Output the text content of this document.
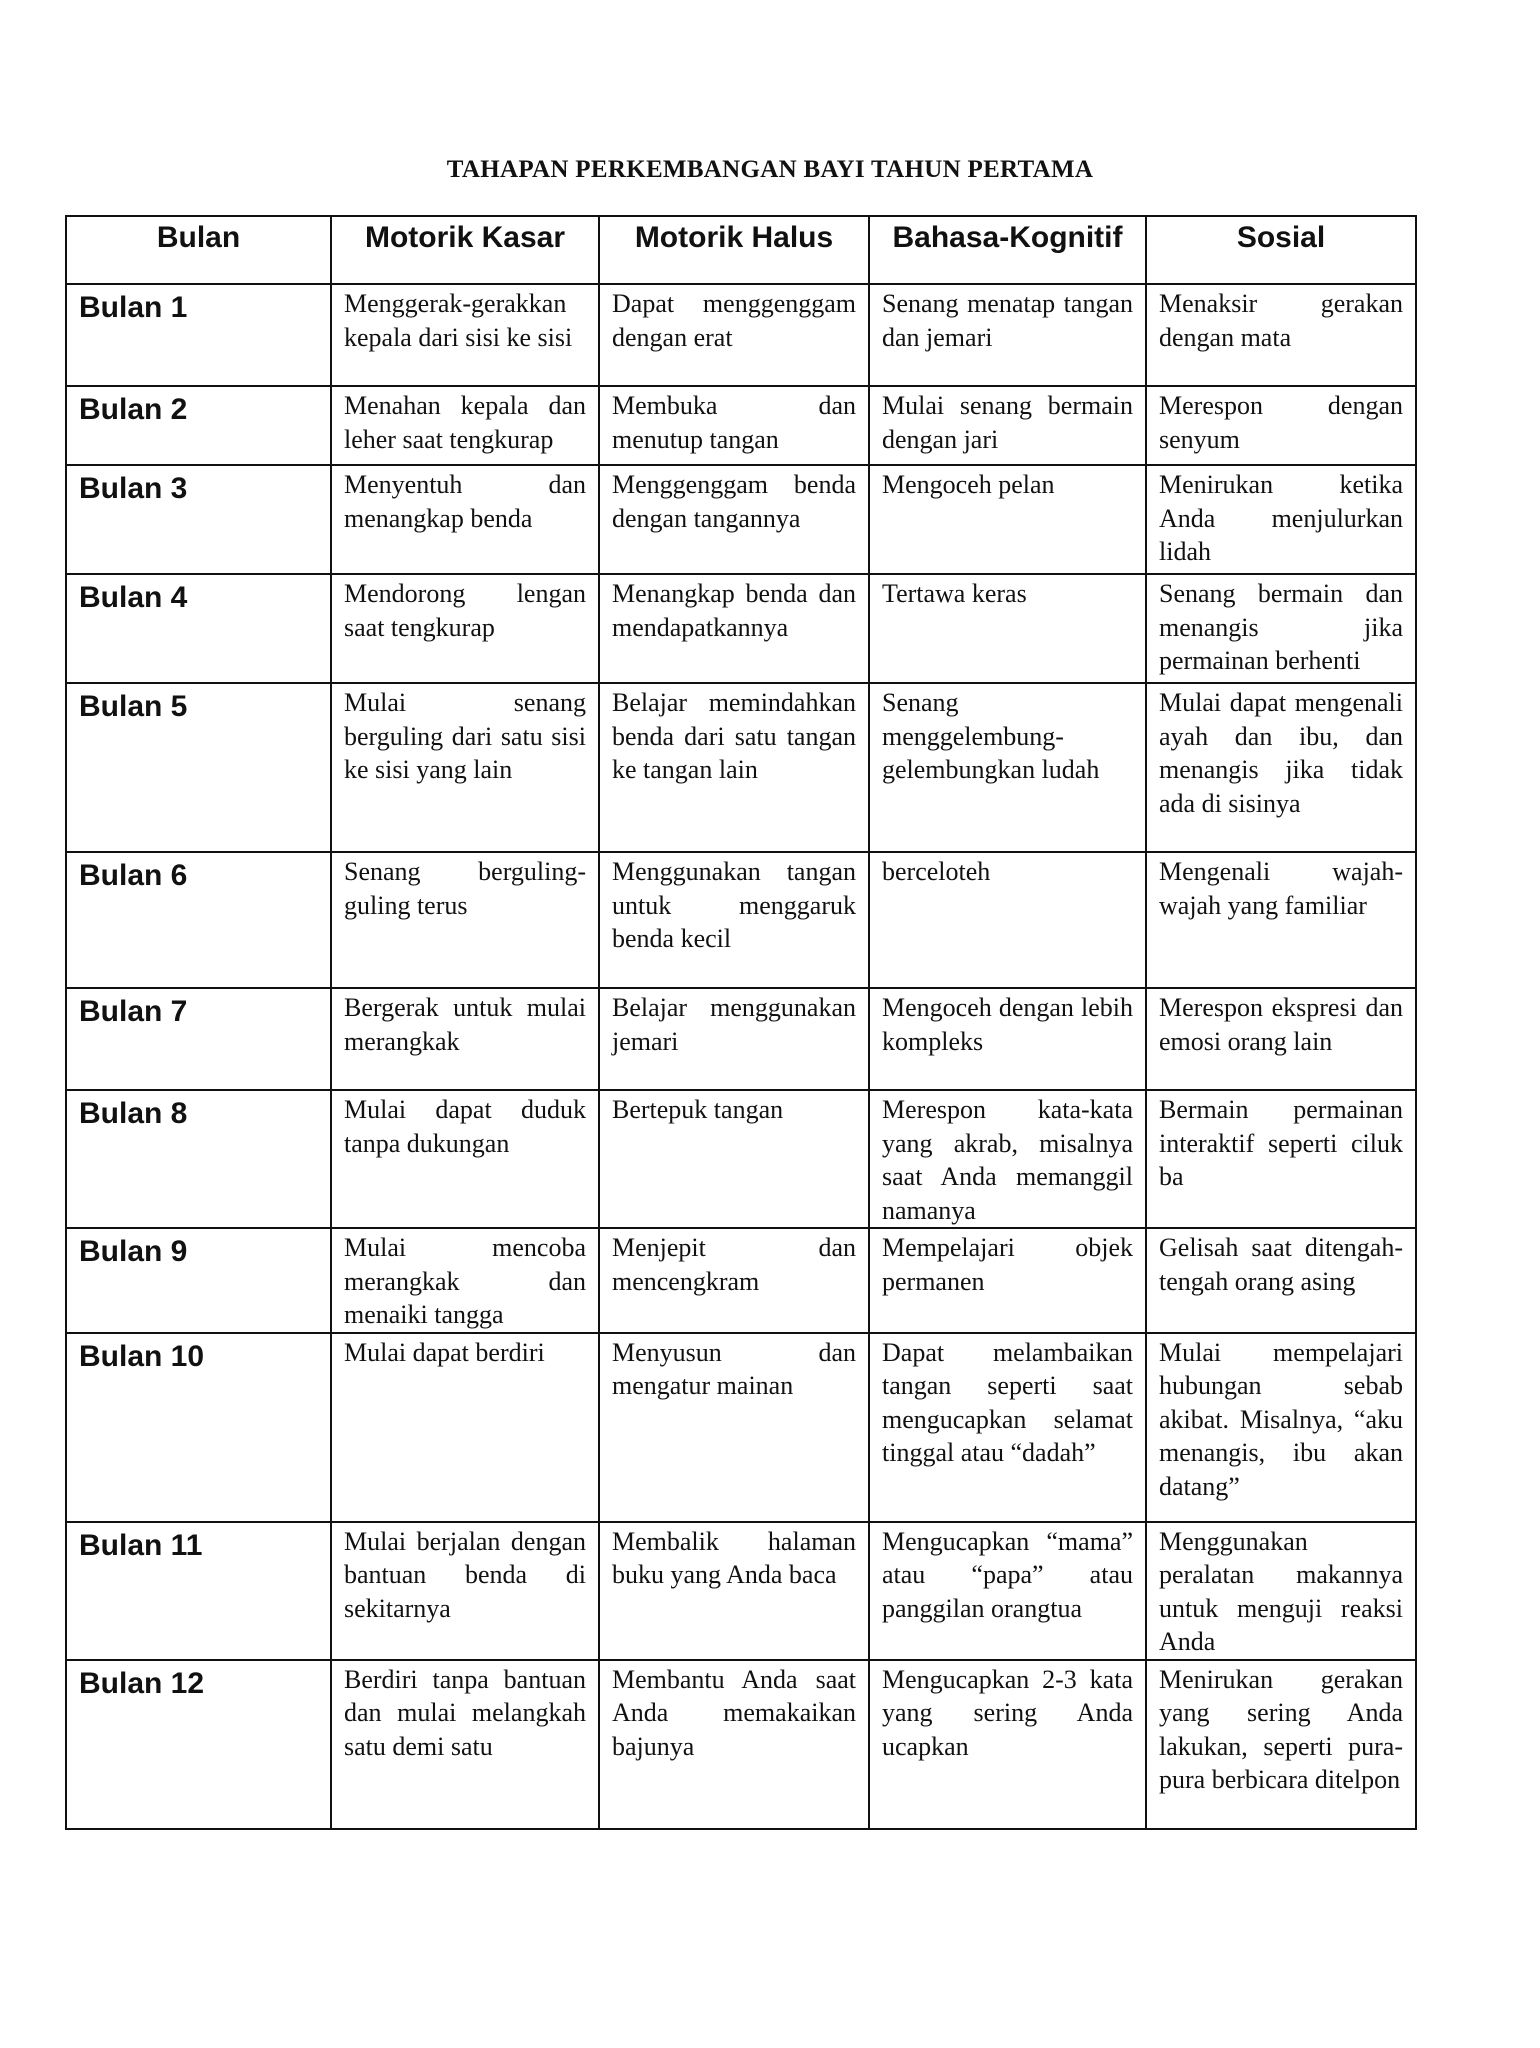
TAHAPAN PERKEMBANGAN BAYI TAHUN PERTAMA
Bulan	Motorik Kasar	Motorik Halus	Bahasa-Kognitif	Sosial

Bulan 1	Menggerak-gerakkan kepala dari sisi ke sisi	Dapat menggenggam dengan erat	Senang menatap tangan dan jemari	Menaksir gerakan dengan mata

Bulan 2	Menahan kepala dan leher saat tengkurap	Membuka dan menutup tangan	Mulai senang bermain dengan jari	Merespon dengan senyum

Bulan 3	Menyentuh dan menangkap benda	Menggenggam benda dengan tangannya	Mengoceh pelan	Menirukan ketika Anda menjulurkan lidah

Bulan 4	Mendorong lengan saat tengkurap	Menangkap benda dan mendapatkannya	Tertawa keras	Senang bermain dan menangis jika permainan berhenti

Bulan 5	Mulai senang berguling dari satu sisi ke sisi yang lain	Belajar memindahkan benda dari satu tangan ke tangan lain	Senang menggelembung-gelembungkan ludah	Mulai dapat mengenali ayah dan ibu, dan menangis jika tidak ada di sisinya

Bulan 6	Senang berguling-guling terus	Menggunakan tangan untuk menggaruk benda kecil	berceloteh	Mengenali wajah-wajah yang familiar

Bulan 7	Bergerak untuk mulai merangkak	Belajar menggunakan jemari	Mengoceh dengan lebih kompleks	Merespon ekspresi dan emosi orang lain

Bulan 8	Mulai dapat duduk tanpa dukungan	Bertepuk tangan	Merespon kata-kata yang akrab, misalnya saat Anda memanggil namanya	Bermain permainan interaktif seperti ciluk ba

Bulan 9	Mulai mencoba merangkak dan menaiki tangga	Menjepit dan mencengkram	Mempelajari objek permanen	Gelisah saat ditengah-tengah orang asing

Bulan 10	Mulai dapat berdiri	Menyusun dan mengatur mainan	Dapat melambaikan tangan seperti saat mengucapkan selamat tinggal atau “dadah”	Mulai mempelajari hubungan sebab akibat. Misalnya, “aku menangis, ibu akan datang”

Bulan 11	Mulai berjalan dengan bantuan benda di sekitarnya	Membalik halaman buku yang Anda baca	Mengucapkan “mama” atau “papa” atau panggilan orangtua	Menggunakan peralatan makannya untuk menguji reaksi Anda

Bulan 12	Berdiri tanpa bantuan dan mulai melangkah satu demi satu	Membantu Anda saat Anda memakaikan bajunya	Mengucapkan 2-3 kata yang sering Anda ucapkan	Menirukan gerakan yang sering Anda lakukan, seperti pura-pura berbicara ditelpon
